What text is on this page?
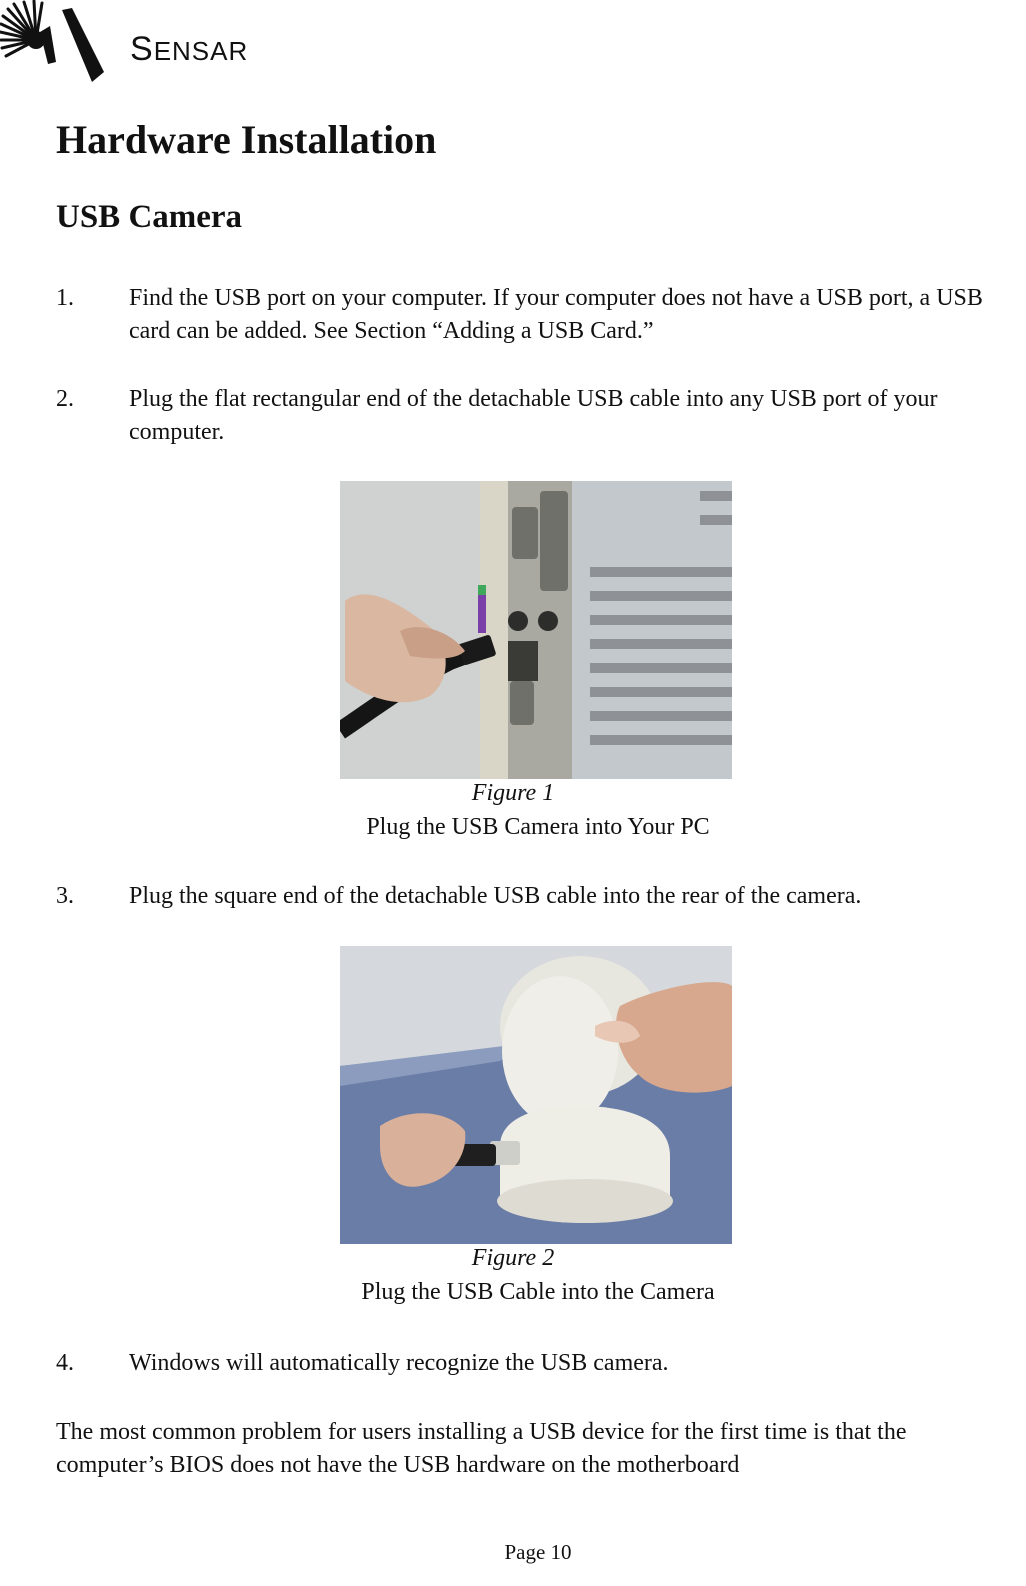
SENSAR
Hardware Installation
USB Camera
1. Find the USB port on your computer. If your computer does not have a USB port, a USB card can be added. See Section “Adding a USB Card.”
2. Plug the flat rectangular end of the detachable USB cable into any USB port of your computer.
Figure 1
Plug the USB Camera into Your PC
3. Plug the square end of the detachable USB cable into the rear of the camera.
Figure 2
Plug the USB Cable into the Camera
4. Windows will automatically recognize the USB camera.
The most common problem for users installing a USB device for the first time is that the computer’s BIOS does not have the USB hardware on the motherboard
Page 10
